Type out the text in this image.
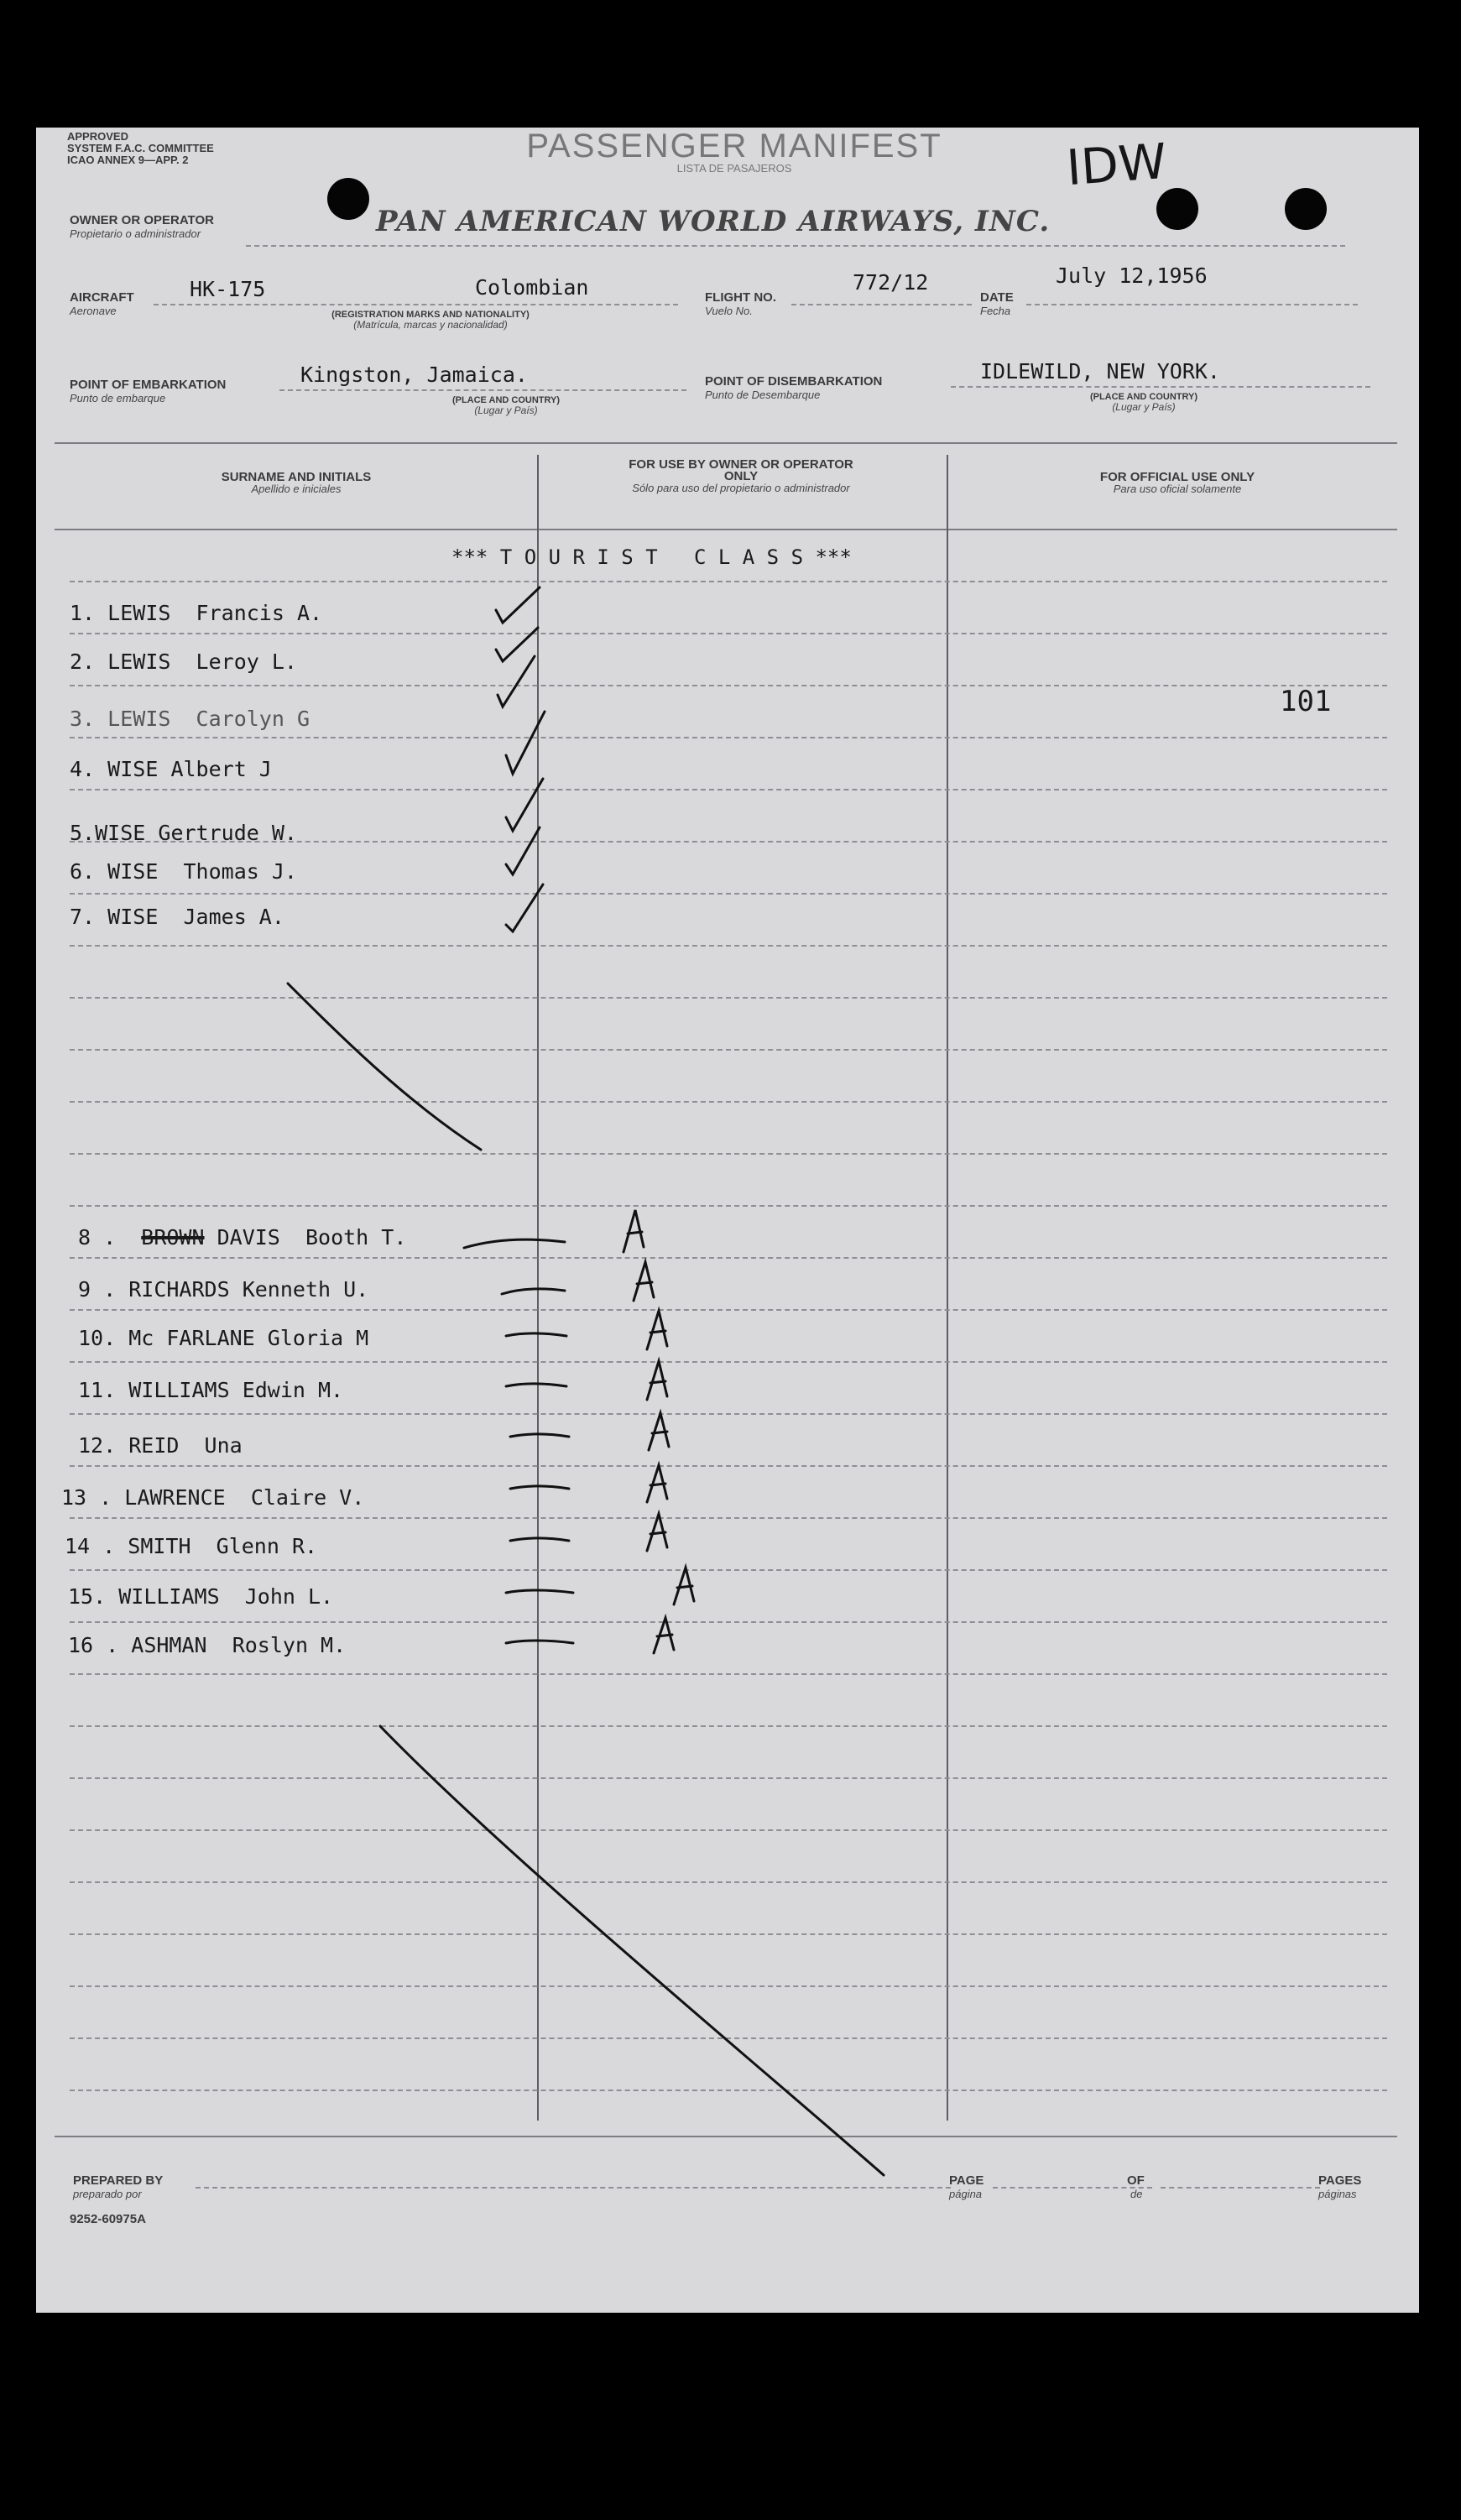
APPROVED
SYSTEM F.A.C. COMMITTEE
ICAO ANNEX 9—APP. 2	PASSENGER MANIFEST
LISTA DE PASAJEROS
PAN AMERICAN WORLD AIRWAYS, INC.
OWNER OR OPERATOR
Propietario o administrador
IDW
AIRCRAFT
Aeronave
HK-175	Colombian
(REGISTRATION MARKS AND NATIONALITY)
(Matrícula, marcas y nacionalidad)
FLIGHT NO.
Vuelo No.
772/12
DATE
Fecha
July 12,1956
POINT OF EMBARKATION
Punto de embarque
Kingston, Jamaica.
(PLACE AND COUNTRY)
(Lugar y País)
POINT OF DISEMBARKATION
Punto de Desembarque
IDLEWILD, NEW YORK.
(PLACE AND COUNTRY)
(Lugar y País)
SURNAME AND INITIALS
Apellido e iniciales
FOR USE BY OWNER OR OPERATOR ONLY
Sólo para uso del propietario o administrador
FOR OFFICIAL USE ONLY
Para uso oficial solamente
*** T O U R I S T   C L A S S ***
101
1. LEWIS Francis A.
2. LEWIS Leroy L.
3. LEWIS Carolyn G
4. WISE Albert J
5.WISE Gertrude W.
6. WISE Thomas J.
7. WISE James A.
8 . BROWN DAVIS Booth T.
9 . RICHARDS Kenneth U.
10. Mc FARLANE Gloria M
11. WILLIAMS Edwin M.
12. REID Una
13 . LAWRENCE Claire V.
14 . SMITH Glenn R.
15. WILLIAMS John L.
16 . ASHMAN Roslyn M.
PREPARED BY
preparado por
PAGE
página
OF
de
PAGES
páginas
9252-60975A
